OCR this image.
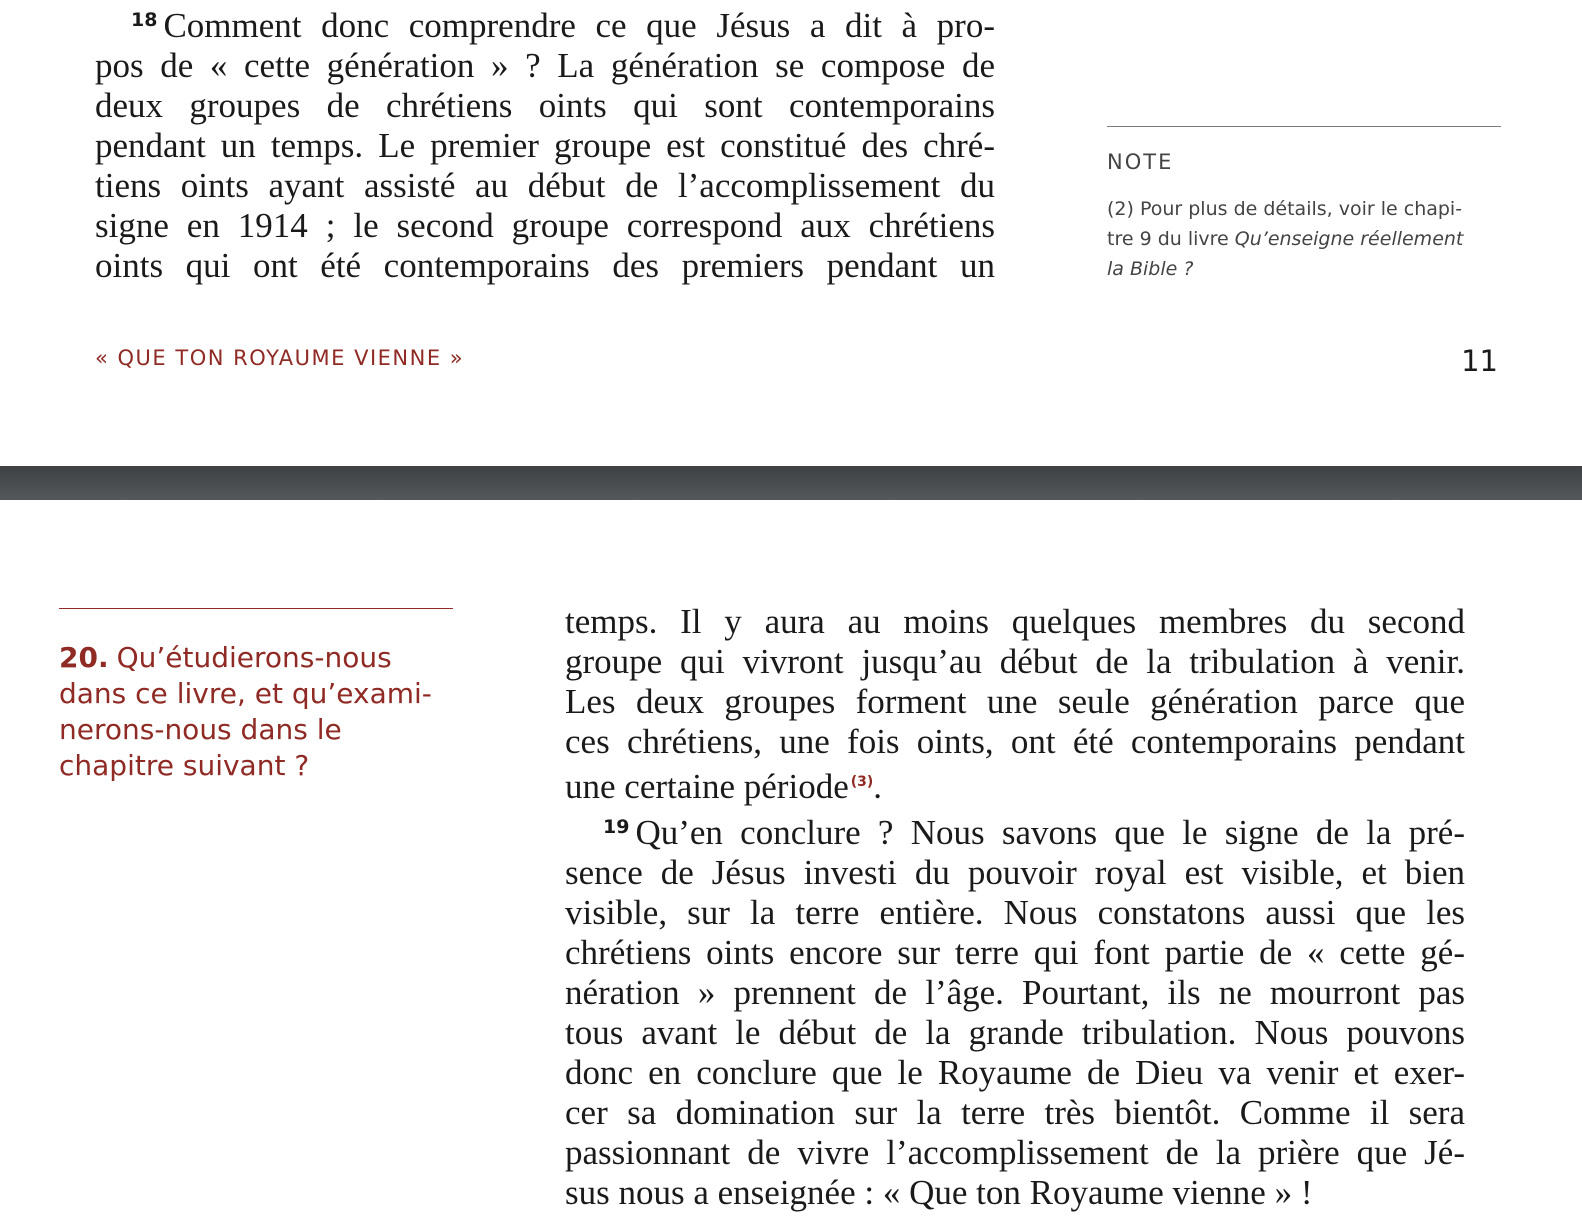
$^{18}$ Comment donc comprendre ce que Jésus a dit à pro-
pos de « cette génération » ? La génération se compose de
deux groupes de chrétiens oints qui sont contemporains
pendant un temps. Le premier groupe est constitué des chré-
tiens oints ayant assisté au début de l’accomplissement du
signe en 1914 ; le second groupe correspond aux chrétiens
oints qui ont été contemporains des premiers pendant un
NOTE
(2) Pour plus de détails, voir le chapi-
tre 9 du livre Qu’enseigne réellement
la Bible ?
« QUE TON ROYAUME VIENNE »	11
20. Qu’étudierons-nous
dans ce livre, et qu’exami-
nerons-nous dans le
chapitre suivant ?
temps. Il y aura au moins quelques membres du second
groupe qui vivront jusqu’au début de la tribulation à venir.
Les deux groupes forment une seule génération parce que
ces chrétiens, une fois oints, ont été contemporains pendant
une certaine période $^{(3)}$.
$^{19}$ Qu’en conclure ? Nous savons que le signe de la pré-
sence de Jésus investi du pouvoir royal est visible, et bien
visible, sur la terre entière. Nous constatons aussi que les
chrétiens oints encore sur terre qui font partie de « cette gé-
nération » prennent de l’âge. Pourtant, ils ne mourront pas
tous avant le début de la grande tribulation. Nous pouvons
donc en conclure que le Royaume de Dieu va venir et exer-
cer sa domination sur la terre très bientôt. Comme il sera
passionnant de vivre l’accomplissement de la prière que Jé-
sus nous a enseignée : « Que ton Royaume vienne » !
